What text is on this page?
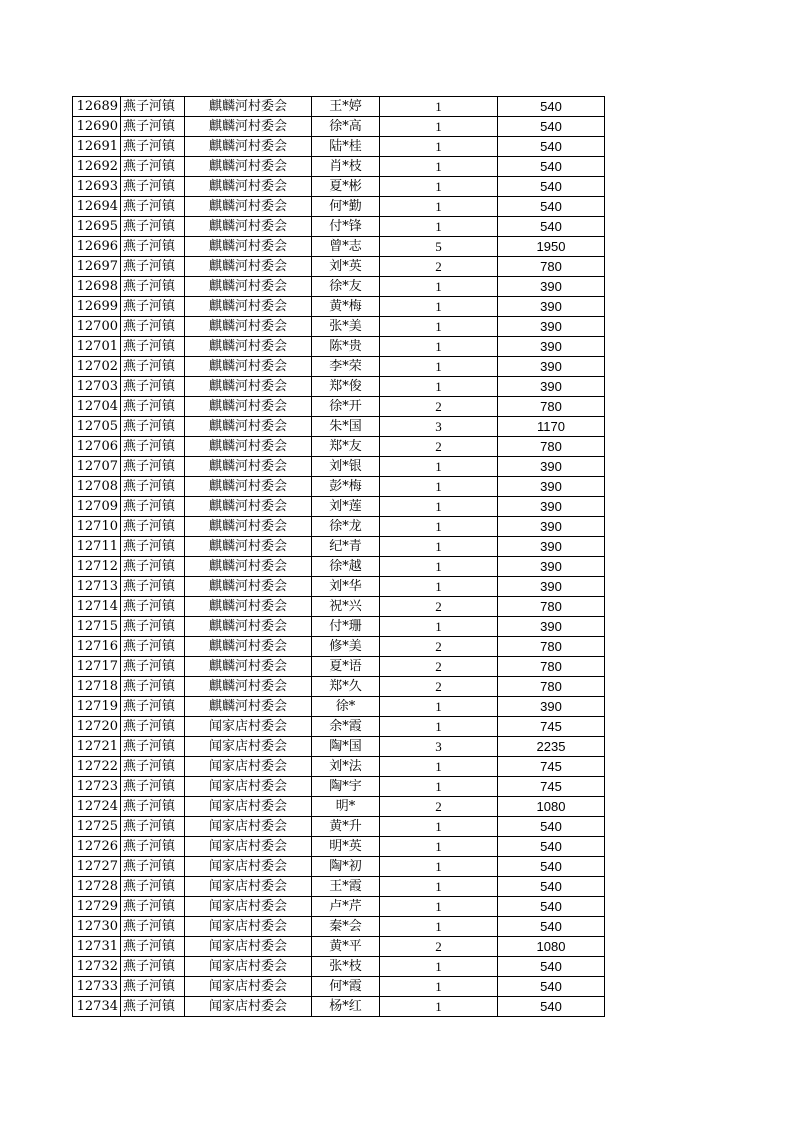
12689	燕子河镇	麒麟河村委会	王*婷	1	540
12690	燕子河镇	麒麟河村委会	徐*高	1	540
12691	燕子河镇	麒麟河村委会	陆*桂	1	540
12692	燕子河镇	麒麟河村委会	肖*枝	1	540
12693	燕子河镇	麒麟河村委会	夏*彬	1	540
12694	燕子河镇	麒麟河村委会	何*勤	1	540
12695	燕子河镇	麒麟河村委会	付*锋	1	540
12696	燕子河镇	麒麟河村委会	曾*志	5	1950
12697	燕子河镇	麒麟河村委会	刘*英	2	780
12698	燕子河镇	麒麟河村委会	徐*友	1	390
12699	燕子河镇	麒麟河村委会	黄*梅	1	390
12700	燕子河镇	麒麟河村委会	张*美	1	390
12701	燕子河镇	麒麟河村委会	陈*贵	1	390
12702	燕子河镇	麒麟河村委会	李*荣	1	390
12703	燕子河镇	麒麟河村委会	郑*俊	1	390
12704	燕子河镇	麒麟河村委会	徐*开	2	780
12705	燕子河镇	麒麟河村委会	朱*国	3	1170
12706	燕子河镇	麒麟河村委会	郑*友	2	780
12707	燕子河镇	麒麟河村委会	刘*银	1	390
12708	燕子河镇	麒麟河村委会	彭*梅	1	390
12709	燕子河镇	麒麟河村委会	刘*莲	1	390
12710	燕子河镇	麒麟河村委会	徐*龙	1	390
12711	燕子河镇	麒麟河村委会	纪*青	1	390
12712	燕子河镇	麒麟河村委会	徐*越	1	390
12713	燕子河镇	麒麟河村委会	刘*华	1	390
12714	燕子河镇	麒麟河村委会	祝*兴	2	780
12715	燕子河镇	麒麟河村委会	付*珊	1	390
12716	燕子河镇	麒麟河村委会	修*美	2	780
12717	燕子河镇	麒麟河村委会	夏*语	2	780
12718	燕子河镇	麒麟河村委会	郑*久	2	780
12719	燕子河镇	麒麟河村委会	徐*	1	390
12720	燕子河镇	闻家店村委会	余*霞	1	745
12721	燕子河镇	闻家店村委会	陶*国	3	2235
12722	燕子河镇	闻家店村委会	刘*法	1	745
12723	燕子河镇	闻家店村委会	陶*宇	1	745
12724	燕子河镇	闻家店村委会	明*	2	1080
12725	燕子河镇	闻家店村委会	黄*升	1	540
12726	燕子河镇	闻家店村委会	明*英	1	540
12727	燕子河镇	闻家店村委会	陶*初	1	540
12728	燕子河镇	闻家店村委会	王*霞	1	540
12729	燕子河镇	闻家店村委会	卢*芹	1	540
12730	燕子河镇	闻家店村委会	秦*会	1	540
12731	燕子河镇	闻家店村委会	黄*平	2	1080
12732	燕子河镇	闻家店村委会	张*枝	1	540
12733	燕子河镇	闻家店村委会	何*霞	1	540
12734	燕子河镇	闻家店村委会	杨*红	1	540
